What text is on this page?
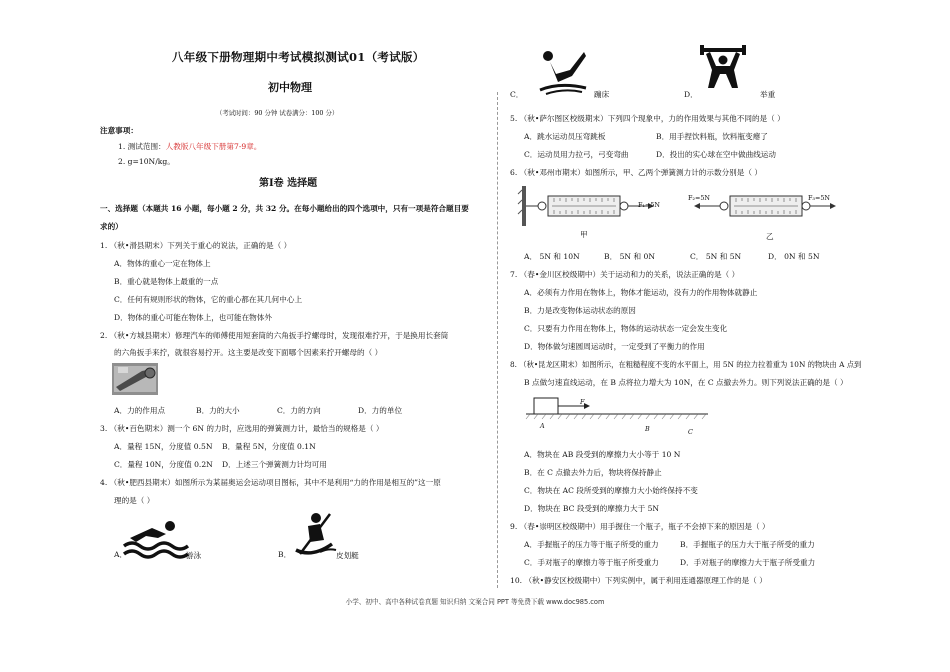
八年级下册物理期中考试模拟测试01（考试版）
初中物理
（考试时间：90 分钟 试卷满分：100 分）
注意事项：
1. 测试范围：人教版八年级下册第7-9章。
2. g=10N/kg。
第Ⅰ卷 选择题
一、选择题（本题共 16 小题，每小题 2 分，共 32 分。在每小题给出的四个选项中，只有一项是符合题目要
求的）
1. （秋•滑县期末）下列关于重心的说法，正确的是（ ）
A．物体的重心一定在物体上
B．重心就是物体上最重的一点
C．任何有规则形状的物体，它的重心都在其几何中心上
D．物体的重心可能在物体上，也可能在物体外
2. （秋•方城县期末）修理汽车的师傅使用短套筒的六角扳手拧螺母时，发现很难拧开，于是换用长套筒
的六角扳手来拧，就很容易拧开。这主要是改变下面哪个因素来拧开螺母的（ ）
A．力的作用点	B．力的大小	C．力的方向	D．力的单位
3. （秋•百色期末）测一个 6N 的力时，应选用的弹簧测力计，最恰当的规格是（ ）
A．量程 15N，分度值 0.5N B．量程 5N，分度值 0.1N
C．量程 10N，分度值 0.2N D．上述三个弹簧测力计均可用
4. （秋•肥西县期末）如图所示为某届奥运会运动项目图标，其中不是利用“力的作用是相互的”这一原
理的是（ ）
A．	游泳	B．	皮划艇
C．	蹦床	D．	举重
5. （秋•萨尔图区校级期末）下列四个现象中，力的作用效果与其他不同的是（ ）
A．跳水运动员压弯跳板	B．用手捏饮料瓶，饮料瓶变瘪了
C．运动员用力拉弓，弓变弯曲	D．投出的实心球在空中做曲线运动
6. （秋•邓州市期末）如图所示，甲、乙两个弹簧测力计的示数分别是（ ）
F₁=5N
F₂=5N	F₃=5N
甲	乙
A． 5N 和 10N	B． 5N 和 0N	C． 5N 和 5N	D． 0N 和 5N
7. （春•金川区校级期中）关于运动和力的关系，说法正确的是（ ）
A．必须有力作用在物体上，物体才能运动，没有力的作用物体就静止
B．力是改变物体运动状态的原因
C．只要有力作用在物体上，物体的运动状态一定会发生变化
D．物体做匀速圆周运动时，一定受到了平衡力的作用
8. （秋•昆龙区期末）如图所示，在粗糙程度不变的水平面上，用 5N 的拉力拉着重为 10N 的物块由 A 点到
B 点做匀速直线运动，在 B 点将拉力增大为 10N，在 C 点撤去外力。则下列说法正确的是（ ）
F
A	B	C
A．物块在 AB 段受到的摩擦力大小等于 10 N
B．在 C 点撤去外力后，物块将保持静止
C．物块在 AC 段所受到的摩擦力大小始终保持不变
D．物块在 BC 段受到的摩擦力大于 5N
9. （春•崇明区校级期中）用手握住一个瓶子，瓶子不会掉下来的原因是（ ）
A．手握瓶子的压力等于瓶子所受的重力	B．手握瓶子的压力大于瓶子所受的重力
C．手对瓶子的摩擦力等于瓶子所受重力	D．手对瓶子的摩擦力大于瓶子所受重力
10. （秋•静安区校级期中）下列实例中，属于利用连通器原理工作的是（ ）
小学、初中、高中各种试卷真题 知识归纳 文案合同 PPT 等免费下载 www.doc985.com
